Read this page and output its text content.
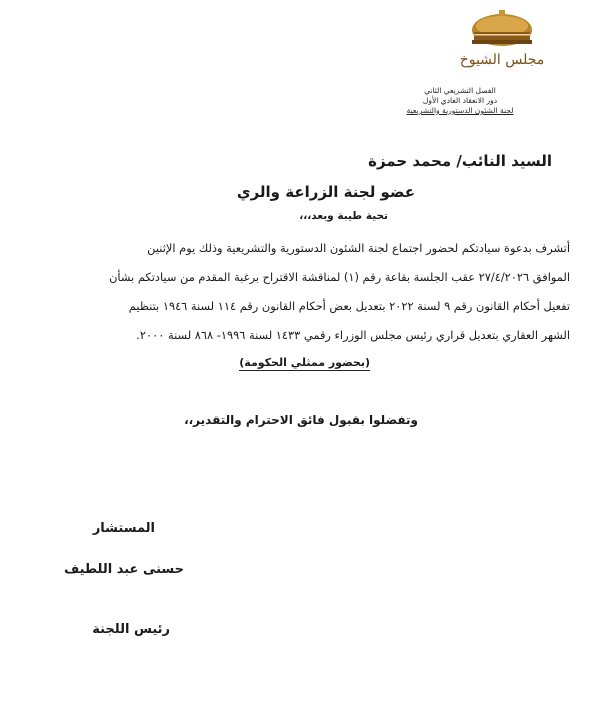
مجلس الشيوخ
الفصل التشريعي الثاني
دور الانعقاد العادي الأول
لجنة الشئون الدستورية والتشريعية
السيد النائب/ محمد حمزة
عضو لجنة الزراعة والري
تحية طيبة وبعد،،،
أتشرف بدعوة سيادتكم لحضور اجتماع لجنة الشئون الدستورية والتشريعية وذلك يوم الإثنين
الموافق ٢٧/٤/٢٠٢٦ عقب الجلسة بقاعة رقم (١) لمناقشة الاقتراح برغبة المقدم من سيادتكم بشأن
تفعيل أحكام القانون رقم ٩ لسنة ٢٠٢٢ بتعديل بعض أحكام القانون رقم ١١٤ لسنة ١٩٤٦ بتنظيم
الشهر العقاري بتعديل قراري رئيس مجلس الوزراء رقمي ١٤٣٣ لسنة ١٩٩٦- ٨٦٨ لسنة ٢٠٠٠.
(بحضور ممثلي الحكومة)
وتفضلوا بقبول فائق الاحترام والتقدير،،
المستشار
حسنى عبد اللطيف
رئيس اللجنة
